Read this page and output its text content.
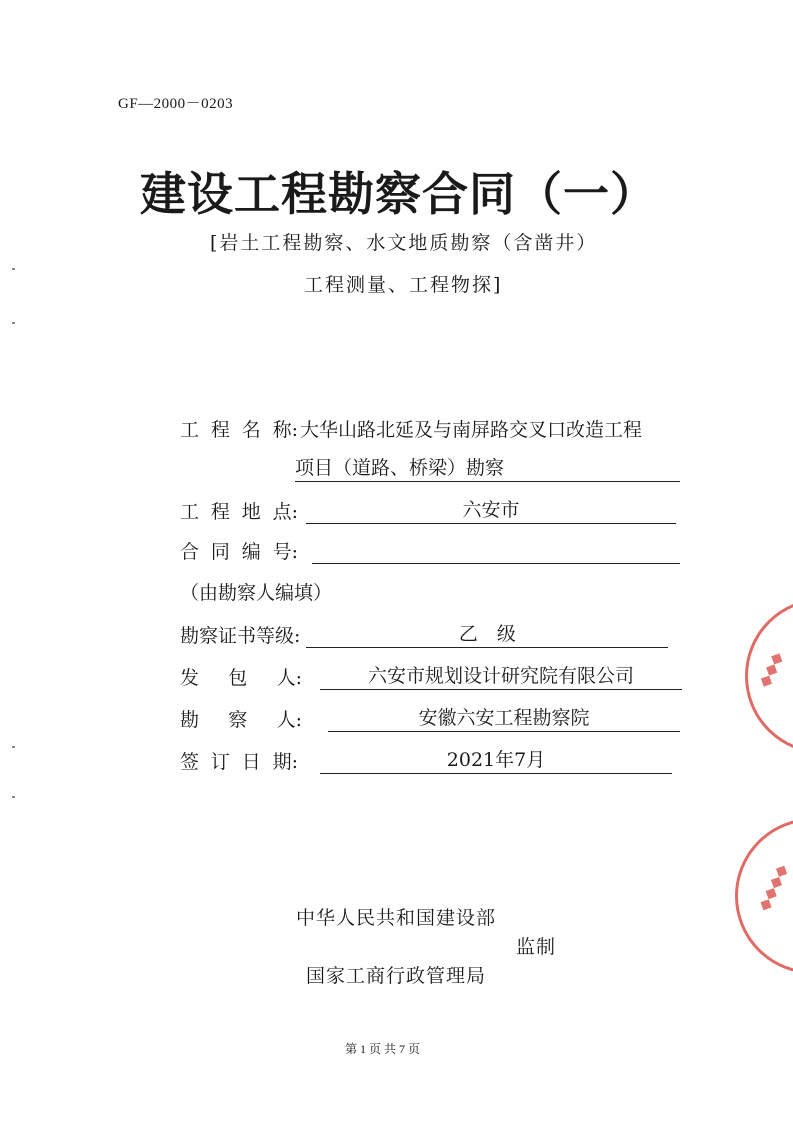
GF—2000－0203
建设工程勘察合同（一）
[岩土工程勘察、水文地质勘察（含凿井）
工程测量、工程物探]
工 程 名 称: 大华山路北延及与南屏路交叉口改造工程
项目（道路、桥梁）勘察
工 程 地 点:	六安市
合 同 编 号:
（由勘察人编填）
勘察证书等级:	乙　级
发 包 人:	六安市规划设计研究院有限公司
勘 察 人:	安徽六安工程勘察院
签 订 日 期:	2021年7月
中华人民共和国建设部
监制
国家工商行政管理局
第 1 页 共 7 页
◆◆◆
◆◆◆◆
